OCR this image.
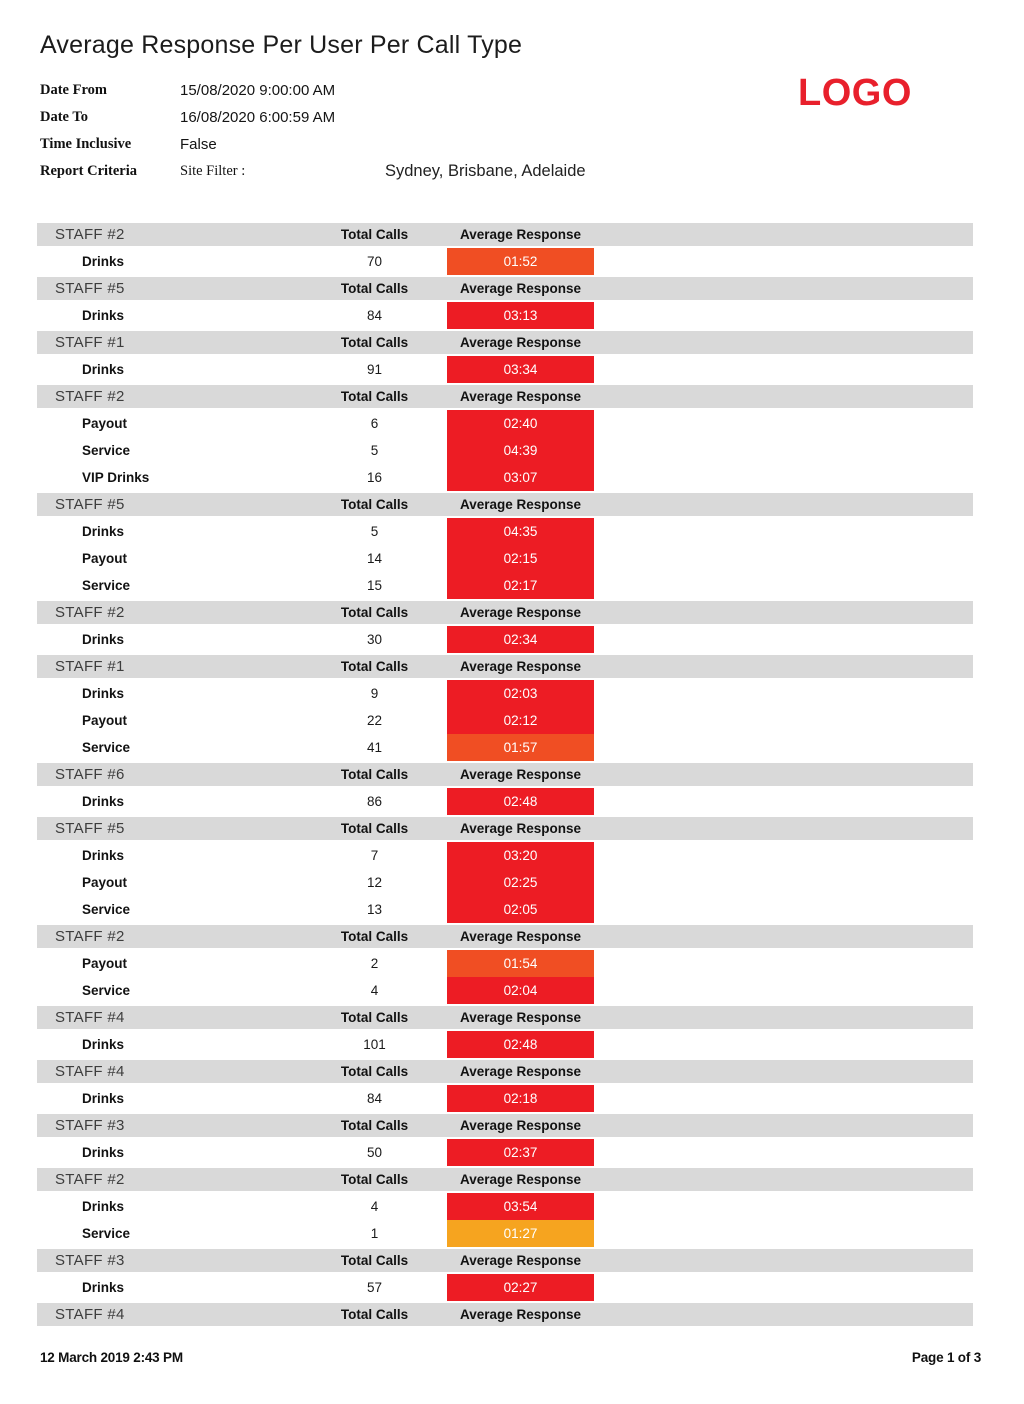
Average Response Per User Per Call Type
LOGO
Date From	15/08/2020 9:00:00 AM
Date To	16/08/2020 6:00:59 AM
Time Inclusive	False
Report Criteria	Site Filter :	Sydney, Brisbane, Adelaide
STAFF #2	Total Calls	Average Response
Drinks	70	01:52
STAFF #5	Total Calls	Average Response
Drinks	84	03:13
STAFF #1	Total Calls	Average Response
Drinks	91	03:34
STAFF #2	Total Calls	Average Response
Payout	6	02:40
Service	5	04:39
VIP Drinks	16	03:07
STAFF #5	Total Calls	Average Response
Drinks	5	04:35
Payout	14	02:15
Service	15	02:17
STAFF #2	Total Calls	Average Response
Drinks	30	02:34
STAFF #1	Total Calls	Average Response
Drinks	9	02:03
Payout	22	02:12
Service	41	01:57
STAFF #6	Total Calls	Average Response
Drinks	86	02:48
STAFF #5	Total Calls	Average Response
Drinks	7	03:20
Payout	12	02:25
Service	13	02:05
STAFF #2	Total Calls	Average Response
Payout	2	01:54
Service	4	02:04
STAFF #4	Total Calls	Average Response
Drinks	101	02:48
STAFF #4	Total Calls	Average Response
Drinks	84	02:18
STAFF #3	Total Calls	Average Response
Drinks	50	02:37
STAFF #2	Total Calls	Average Response
Drinks	4	03:54
Service	1	01:27
STAFF #3	Total Calls	Average Response
Drinks	57	02:27
STAFF #4	Total Calls	Average Response
12 March 2019 2:43 PM	Page 1 of 3
